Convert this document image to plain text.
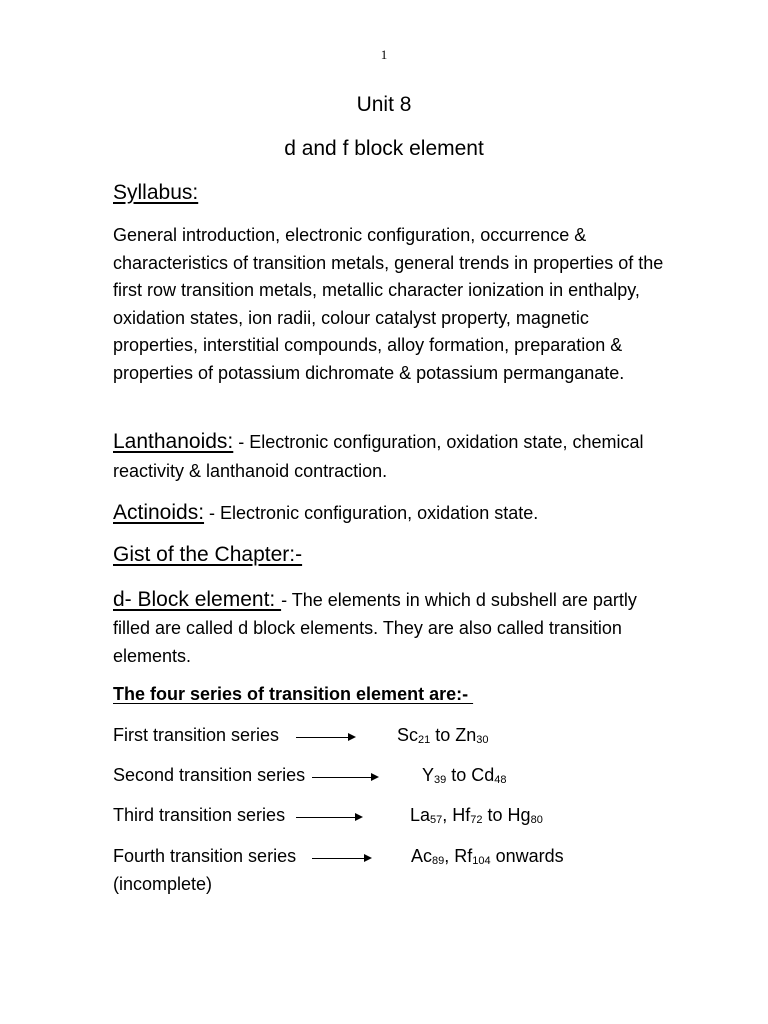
1
Unit 8
d and f block element
Syllabus:
General introduction, electronic configuration, occurrence & characteristics of transition metals, general trends in properties of the first row transition metals, metallic character ionization in enthalpy, oxidation states, ion radii, colour catalyst property, magnetic properties, interstitial compounds, alloy formation, preparation & properties of potassium dichromate & potassium permanganate.
Lanthanoids: - Electronic configuration, oxidation state, chemical reactivity & lanthanoid contraction.
Actinoids: - Electronic configuration, oxidation state.
Gist of the Chapter:-
d- Block element: - The elements in which d subshell are partly filled are called d block elements. They are also called transition elements.
The four series of transition element are:-
First transition series	$Sc_{21}$ to $Zn_{30}$
Second transition series	$Y_{39}$ to $Cd_{48}$
Third transition series	$La_{57}$, $Hf_{72}$ to $Hg_{80}$
Fourth transition series	$Ac_{89}$, $Rf_{104}$ onwards
(incomplete)
